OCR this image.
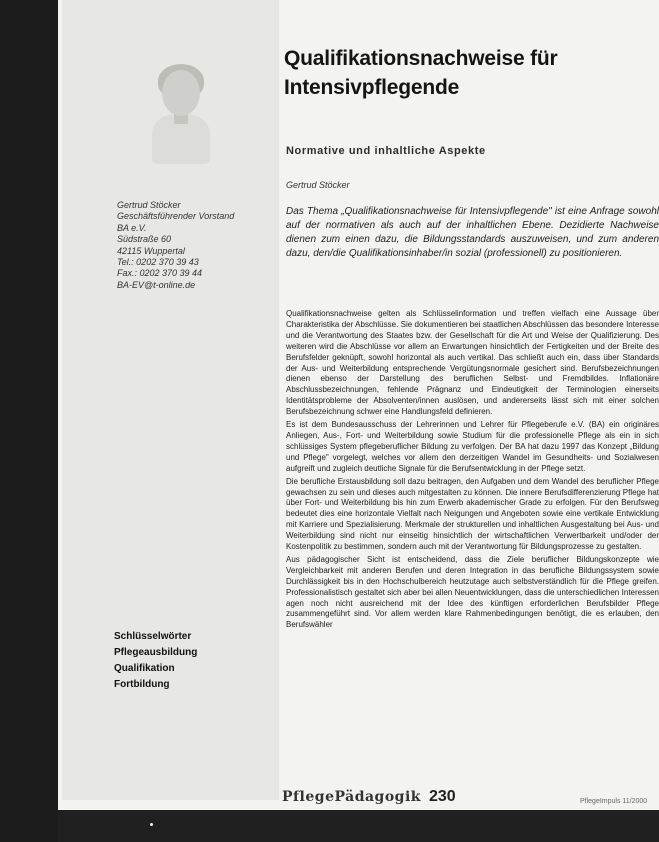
Gertrud Stöcker
Geschäftsführender Vorstand
BA e.V.
Südstraße 60
42115 Wuppertal
Tel.: 0202 370 39 43
Fax.: 0202 370 39 44
BA-EV@t-online.de
Schlüsselwörter
Pflegeausbildung
Qualifikation
Fortbildung
Qualifikationsnachweise für
Intensivpflegende
Normative und inhaltliche Aspekte
Gertrud Stöcker
Das Thema „Qualifikationsnachweise für Intensivpflegende" ist eine Anfrage sowohl auf der normativen als auch auf der inhaltlichen Ebene. Dezidierte Nachweise dienen zum einen dazu, die Bildungsstandards auszuweisen, und zum anderen dazu, den/die Qualifikationsinhaber/in sozial (professionell) zu positionieren.

Qualifikationsnachweise gelten als Schlüsselinformation und treffen vielfach eine Aussage über Charakteristika der Abschlüsse. Sie dokumentieren bei staatlichen Abschlüssen das besondere Interesse und die Verantwortung des Staates bzw. der Gesellschaft für die Art und Weise der Qualifizierung. Des weiteren wird die Abschlüsse vor allem an Erwartungen hinsichtlich der Fertigkeiten und der Breite des Berufsfelder geknüpft, sowohl horizontal als auch vertikal. Das schließt auch ein, dass über Standards der Aus- und Weiterbildung entsprechende Vergütungsnormale gesichert sind. Berufsbezeichnungen dienen ebenso der Darstellung des beruflichen Selbst- und Fremdbildes. Inflationäre Abschlussbezeichnungen, fehlende Prägnanz und Eindeutigkeit der Terminologien einerseits Identitätsprobleme der Absolventen/innen auslösen, und andererseits lässt sich mit einer solchen Berufsbezeichnung schwer eine Handlungsfeld definieren.

Es ist dem Bundesausschuss der Lehrerinnen und Lehrer für Pflegeberufe e.V. (BA) ein originäres Anliegen, Aus-, Fort- und Weiterbildung sowie Studium für die professionelle Pflege als ein in sich schlüssiges System pflegeberuflicher Bildung zu verfolgen. Der BA hat dazu 1997 das Konzept „Bildung und Pflege" vorgelegt, welches vor allem den derzeitigen Wandel im Gesundheits- und Sozialwesen aufgreift und zugleich deutliche Signale für die Berufsentwicklung in der Pflege setzt.

Die berufliche Erstausbildung soll dazu beitragen, den Aufgaben und dem Wandel des beruflicher Pflege gewachsen zu sein und dieses auch mitgestalten zu können. Die innere Berufsdifferenzierung Pflege hat über Fort- und Weiterbildung bis hin zum Erwerb akademischer Grade zu erfolgen. Für den Berufsweg bedeutet dies eine horizontale Vielfalt nach Neigungen und Angeboten sowie eine vertikale Entwicklung mit Karriere und Spezialisierung. Merkmale der strukturellen und inhaltlichen Ausgestaltung bei Aus- und Weiterbildung sind nicht nur einseitig hinsichtlich der wirtschaftlichen Verwertbarkeit und/oder der Kostenpolitik zu bestimmen, sondern auch mit der Verantwortung für Bildungsprozesse zu gestalten.

Aus pädagogischer Sicht ist entscheidend, dass die Ziele beruflicher Bildungskonzepte wie Vergleichbarkeit mit anderen Berufen und deren Integration in das berufliche Bildungssystem sowie Durchlässigkeit bis in den Hochschulbereich heutzutage auch selbstverständlich für die Pflege greifen. Professionalistisch gestaltet sich aber bei allen Neuentwicklungen, dass die unterschiedlichen Interessen agen noch nicht ausreichend mit der Idee des künftigen erforderlichen Berufsbilder Pflege zusammengeführt sind. Vor allem werden klare Rahmenbedingungen benötigt, die es erlauben, den Berufswähler

PflegePädagogik 230	PflegeImpuls 11/2000
